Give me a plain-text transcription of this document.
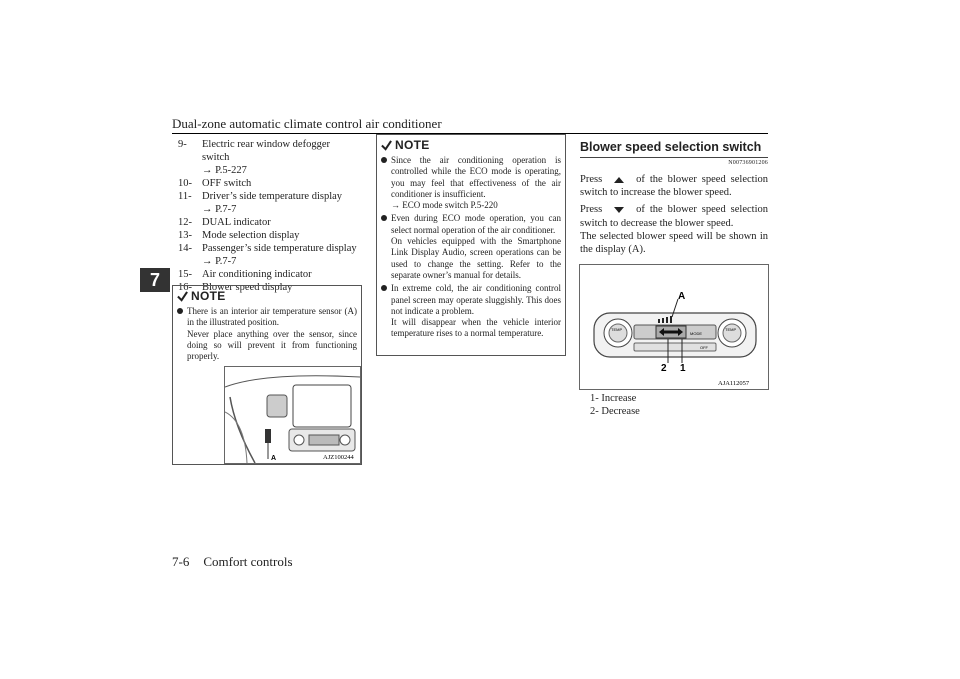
Dual-zone automatic climate control air conditioner
7
9-	Electric rear window defogger switch
→ P.5-227
10- OFF switch
11- Driver’s side temperature display
→ P.7-7
12- DUAL indicator
13- Mode selection display
14- Passenger’s side temperature display
→ P.7-7
15- Air conditioning indicator
16- Blower speed display
NOTE

There is an interior air temperature sensor (A) in the illustrated position.

Never place anything over the sensor, since doing so will prevent it from functioning properly.

A	AJZ100244
NOTE

Since the air conditioning operation is controlled while the ECO mode is operating, you may feel that effectiveness of the air conditioner is insufficient.

→ ECO mode switch P.5-220

Even during ECO mode operation, you can select normal operation of the air conditioner.

On vehicles equipped with the Smartphone Link Display Audio, screen operations can be used to change the setting. Refer to the separate owner’s manual for details.

In extreme cold, the air conditioning control panel screen may operate sluggishly. This does not indicate a problem.

It will disappear when the vehicle interior temperature rises to a normal temperature.

Blower speed selection switch
N00736901206

Press	of the blower speed selection switch to increase the blower speed.

Press	of the blower speed selection switch to decrease the blower speed.

The selected blower speed will be shown in the display (A).

TEMP	TEMP
MODE
OFF
A
2 1
AJA112057
1- Increase
2- Decrease
7-6 Comfort controls
